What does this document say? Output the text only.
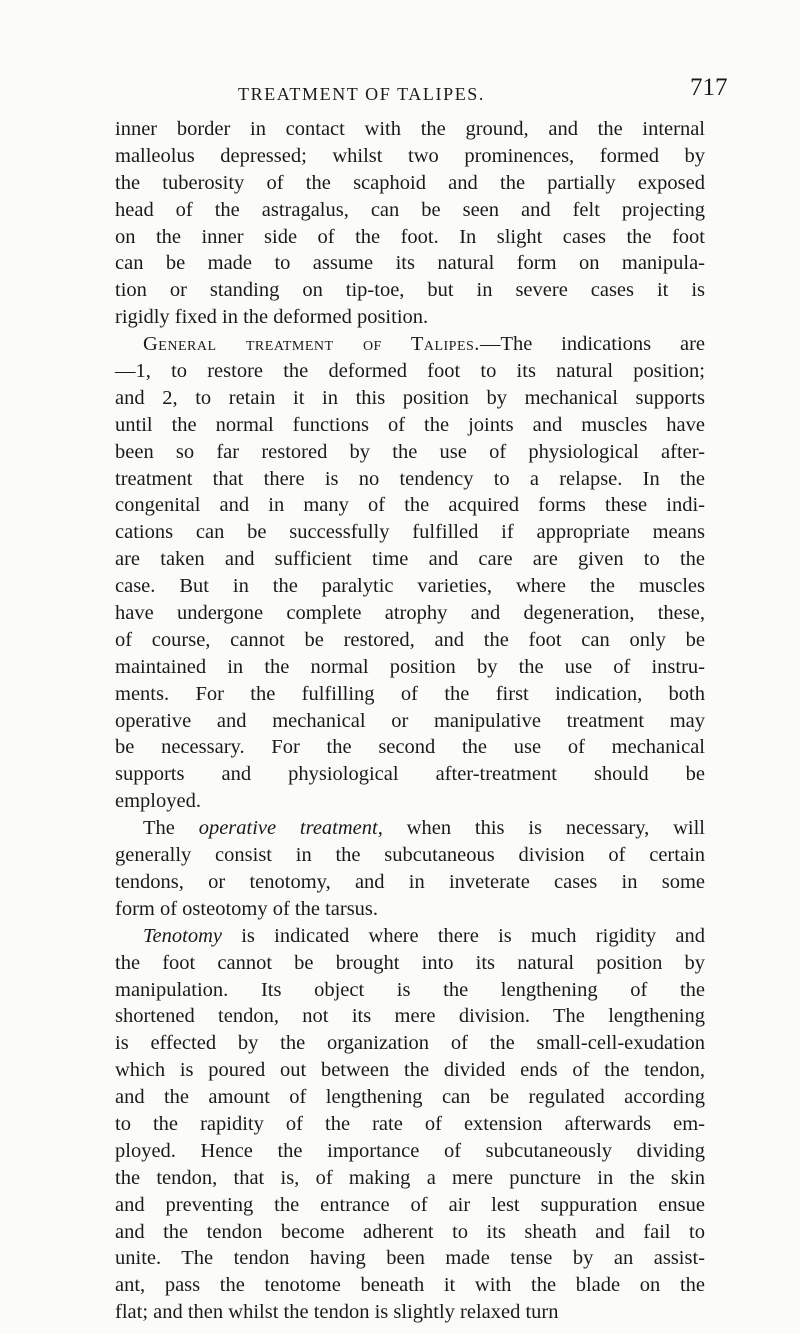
TREATMENT OF TALIPES.	717
inner border in contact with the ground, and the internal
malleolus depressed; whilst two prominences, formed by
the tuberosity of the scaphoid and the partially exposed
head of the astragalus, can be seen and felt projecting
on the inner side of the foot. In slight cases the foot
can be made to assume its natural form on manipula-
tion or standing on tip-toe, but in severe cases it is
rigidly fixed in the deformed position.
General treatment of Talipes.—The indications are
—1, to restore the deformed foot to its natural position;
and 2, to retain it in this position by mechanical supports
until the normal functions of the joints and muscles have
been so far restored by the use of physiological after-
treatment that there is no tendency to a relapse. In the
congenital and in many of the acquired forms these indi-
cations can be successfully fulfilled if appropriate means
are taken and sufficient time and care are given to the
case. But in the paralytic varieties, where the muscles
have undergone complete atrophy and degeneration, these,
of course, cannot be restored, and the foot can only be
maintained in the normal position by the use of instru-
ments. For the fulfilling of the first indication, both
operative and mechanical or manipulative treatment may
be necessary. For the second the use of mechanical
supports and physiological after-treatment should be
employed.
The operative treatment, when this is necessary, will
generally consist in the subcutaneous division of certain
tendons, or tenotomy, and in inveterate cases in some
form of osteotomy of the tarsus.
Tenotomy is indicated where there is much rigidity and
the foot cannot be brought into its natural position by
manipulation. Its object is the lengthening of the
shortened tendon, not its mere division. The lengthening
is effected by the organization of the small-cell-exudation
which is poured out between the divided ends of the tendon,
and the amount of lengthening can be regulated according
to the rapidity of the rate of extension afterwards em-
ployed. Hence the importance of subcutaneously dividing
the tendon, that is, of making a mere puncture in the skin
and preventing the entrance of air lest suppuration ensue
and the tendon become adherent to its sheath and fail to
unite. The tendon having been made tense by an assist-
ant, pass the tenotome beneath it with the blade on the
flat; and then whilst the tendon is slightly relaxed turn
